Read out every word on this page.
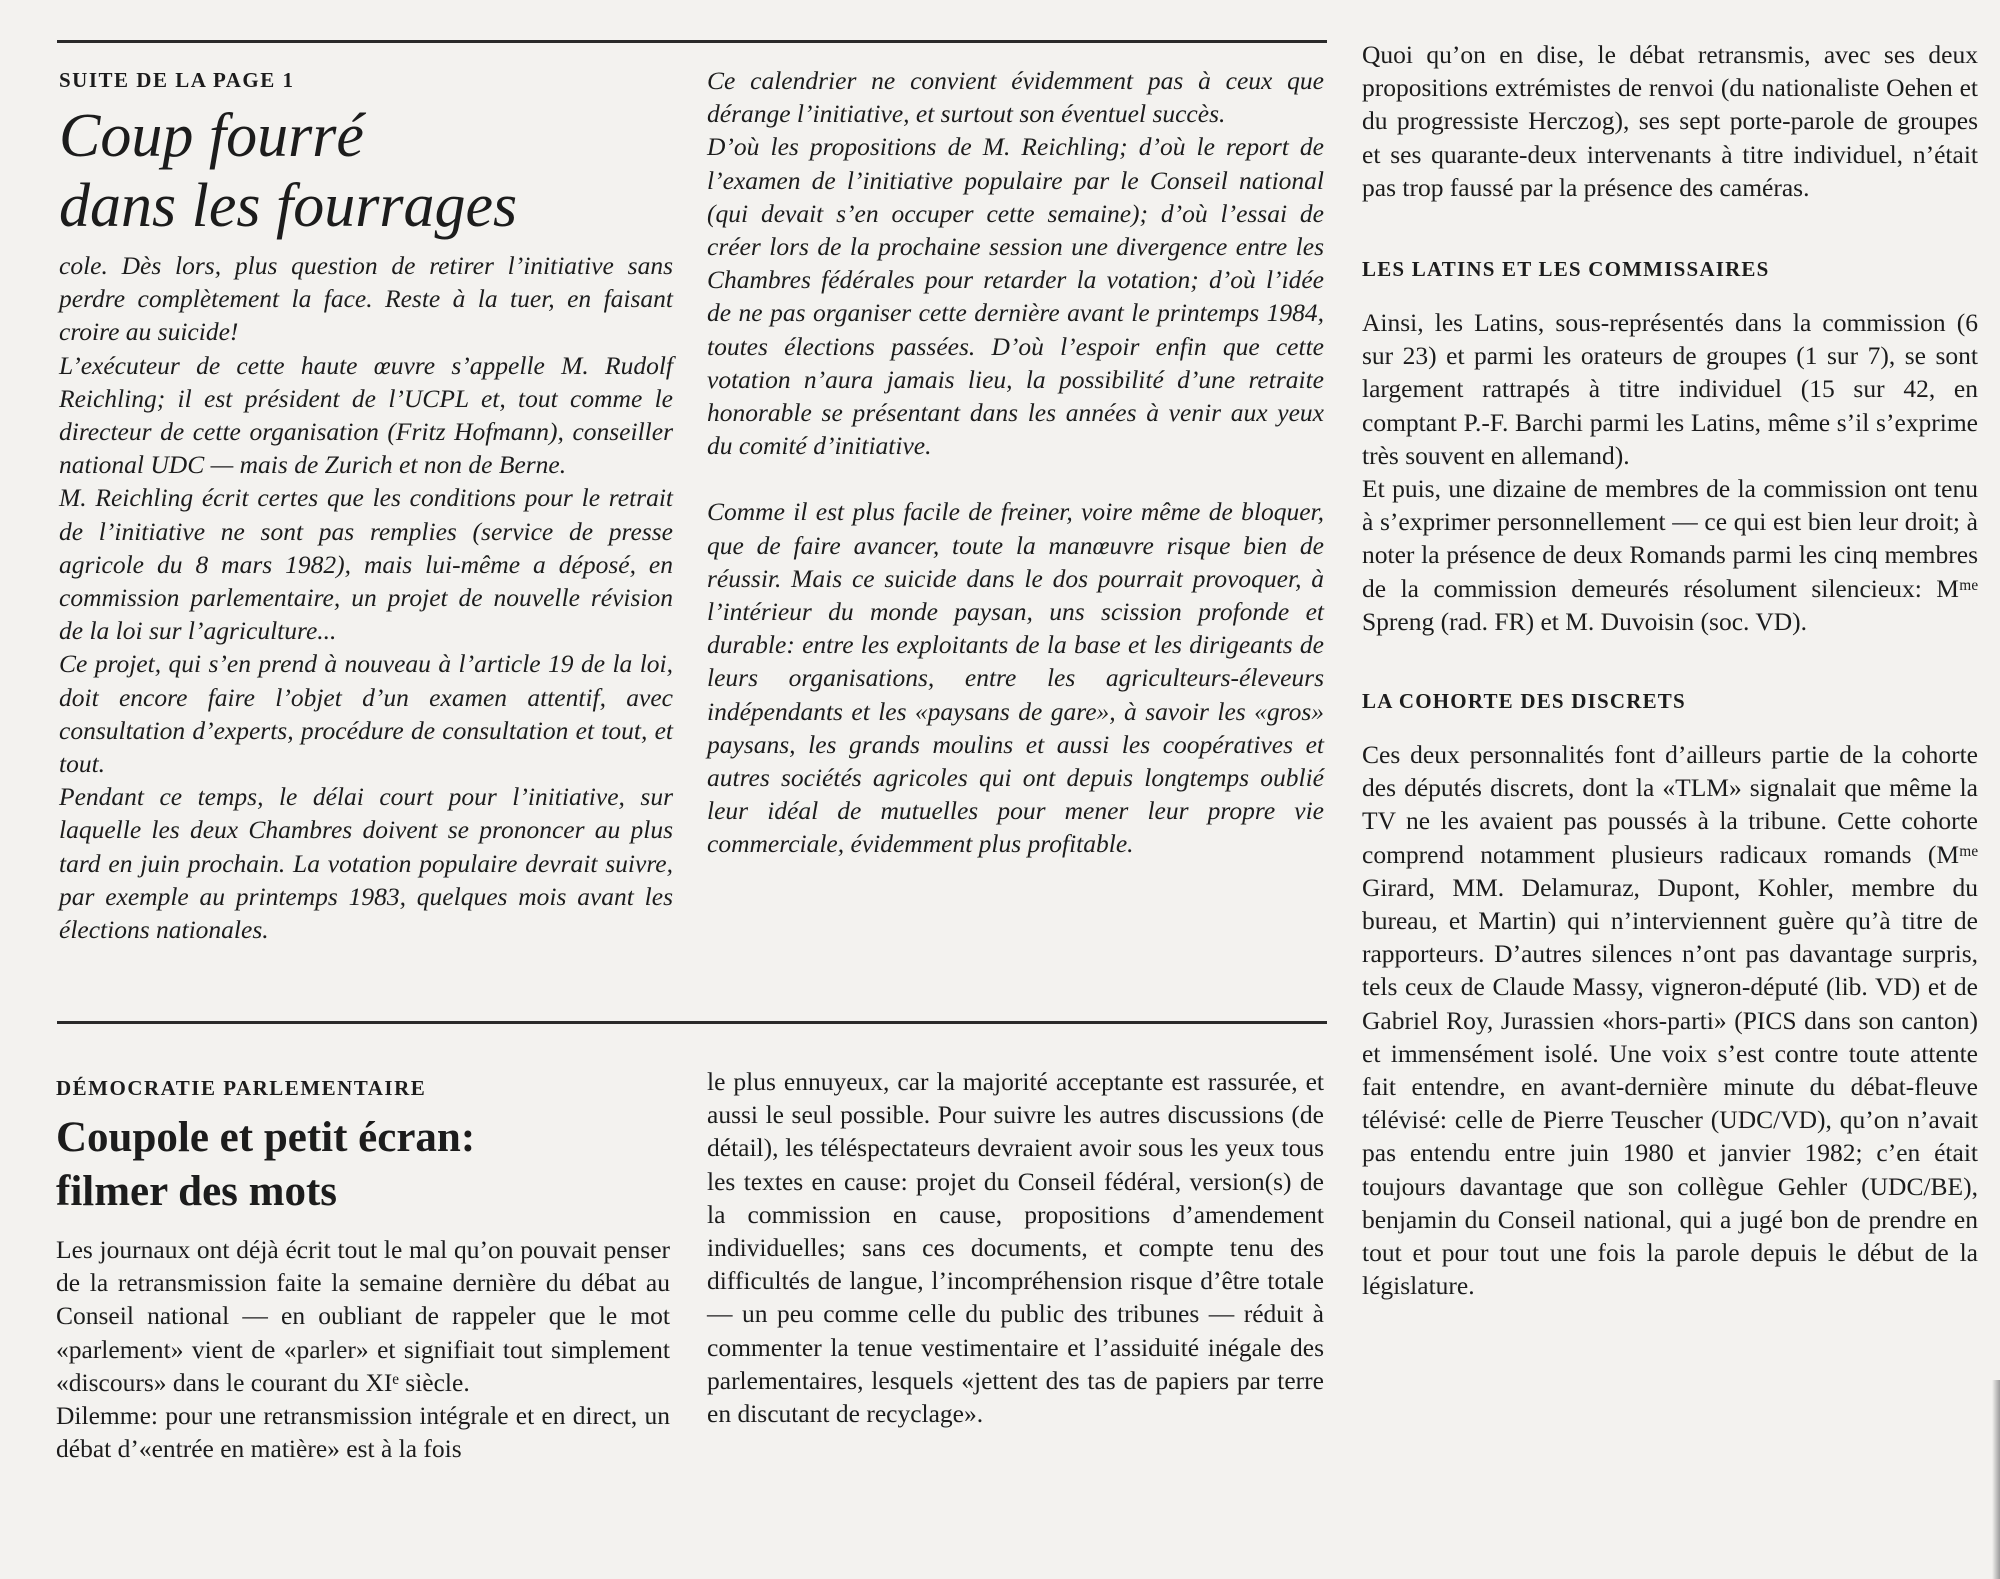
SUITE DE LA PAGE 1

Coup fourré
dans les fourrages

cole. Dès lors, plus question de retirer l’initiative sans perdre complètement la face. Reste à la tuer, en faisant croire au suicide!

L’exécuteur de cette haute œuvre s’appelle M. Rudolf Reichling; il est président de l’UCPL et, tout comme le directeur de cette organisation (Fritz Hofmann), conseiller national UDC — mais de Zurich et non de Berne.

M. Reichling écrit certes que les conditions pour le retrait de l’initiative ne sont pas remplies (service de presse agricole du 8 mars 1982), mais lui-même a déposé, en commission parlementaire, un projet de nouvelle révision de la loi sur l’agriculture...

Ce projet, qui s’en prend à nouveau à l’article 19 de la loi, doit encore faire l’objet d’un examen attentif, avec consultation d’experts, procédure de consultation et tout, et tout.

Pendant ce temps, le délai court pour l’initiative, sur laquelle les deux Chambres doivent se prononcer au plus tard en juin prochain. La votation populaire devrait suivre, par exemple au printemps 1983, quelques mois avant les élections nationales.

Ce calendrier ne convient évidemment pas à ceux que dérange l’initiative, et surtout son éventuel succès.

D’où les propositions de M. Reichling; d’où le report de l’examen de l’initiative populaire par le Conseil national (qui devait s’en occuper cette semaine); d’où l’essai de créer lors de la prochaine session une divergence entre les Chambres fédérales pour retarder la votation; d’où l’idée de ne pas organiser cette dernière avant le printemps 1984, toutes élections passées. D’où l’espoir enfin que cette votation n’aura jamais lieu, la possibilité d’une retraite honorable se présentant dans les années à venir aux yeux du comité d’initiative.

Comme il est plus facile de freiner, voire même de bloquer, que de faire avancer, toute la manœuvre risque bien de réussir. Mais ce suicide dans le dos pourrait provoquer, à l’intérieur du monde paysan, uns scission profonde et durable: entre les exploitants de la base et les dirigeants de leurs organisations, entre les agriculteurs-éleveurs indépendants et les «paysans de gare», à savoir les «gros» paysans, les grands moulins et aussi les coopératives et autres sociétés agricoles qui ont depuis longtemps oublié leur idéal de mutuelles pour mener leur propre vie commerciale, évidemment plus profitable.

DÉMOCRATIE PARLEMENTAIRE

Coupole et petit écran:
filmer des mots

Les journaux ont déjà écrit tout le mal qu’on pouvait penser de la retransmission faite la semaine dernière du débat au Conseil national — en oubliant de rappeler que le mot «parlement» vient de «parler» et signifiait tout simplement «discours» dans le courant du XIᵉ siècle.

Dilemme: pour une retransmission intégrale et en direct, un débat d’«entrée en matière» est à la fois

le plus ennuyeux, car la majorité acceptante est rassurée, et aussi le seul possible. Pour suivre les autres discussions (de détail), les téléspectateurs devraient avoir sous les yeux tous les textes en cause: projet du Conseil fédéral, version(s) de la commission en cause, propositions d’amendement individuelles; sans ces documents, et compte tenu des difficultés de langue, l’incompréhension risque d’être totale — un peu comme celle du public des tribunes — réduit à commenter la tenue vestimentaire et l’assiduité inégale des parlementaires, lesquels «jettent des tas de papiers par terre en discutant de recyclage».

Quoi qu’on en dise, le débat retransmis, avec ses deux propositions extrémistes de renvoi (du nationaliste Oehen et du progressiste Herczog), ses sept porte-parole de groupes et ses quarante-deux intervenants à titre individuel, n’était pas trop faussé par la présence des caméras.

LES LATINS ET LES COMMISSAIRES

Ainsi, les Latins, sous-représentés dans la commission (6 sur 23) et parmi les orateurs de groupes (1 sur 7), se sont largement rattrapés à titre individuel (15 sur 42, en comptant P.-F. Barchi parmi les Latins, même s’il s’exprime très souvent en allemand).

Et puis, une dizaine de membres de la commission ont tenu à s’exprimer personnellement — ce qui est bien leur droit; à noter la présence de deux Romands parmi les cinq membres de la commission demeurés résolument silencieux: Mᵐᵉ Spreng (rad. FR) et M. Duvoisin (soc. VD).

LA COHORTE DES DISCRETS

Ces deux personnalités font d’ailleurs partie de la cohorte des députés discrets, dont la «TLM» signalait que même la TV ne les avaient pas poussés à la tribune. Cette cohorte comprend notamment plusieurs radicaux romands (Mᵐᵉ Girard, MM. Delamuraz, Dupont, Kohler, membre du bureau, et Martin) qui n’interviennent guère qu’à titre de rapporteurs. D’autres silences n’ont pas davantage surpris, tels ceux de Claude Massy, vigneron-député (lib. VD) et de Gabriel Roy, Jurassien «hors-parti» (PICS dans son canton) et immensément isolé. Une voix s’est contre toute attente fait entendre, en avant-dernière minute du débat-fleuve télévisé: celle de Pierre Teuscher (UDC/VD), qu’on n’avait pas entendu entre juin 1980 et janvier 1982; c’en était toujours davantage que son collègue Gehler (UDC/BE), benjamin du Conseil national, qui a jugé bon de prendre en tout et pour tout une fois la parole depuis le début de la législature.
